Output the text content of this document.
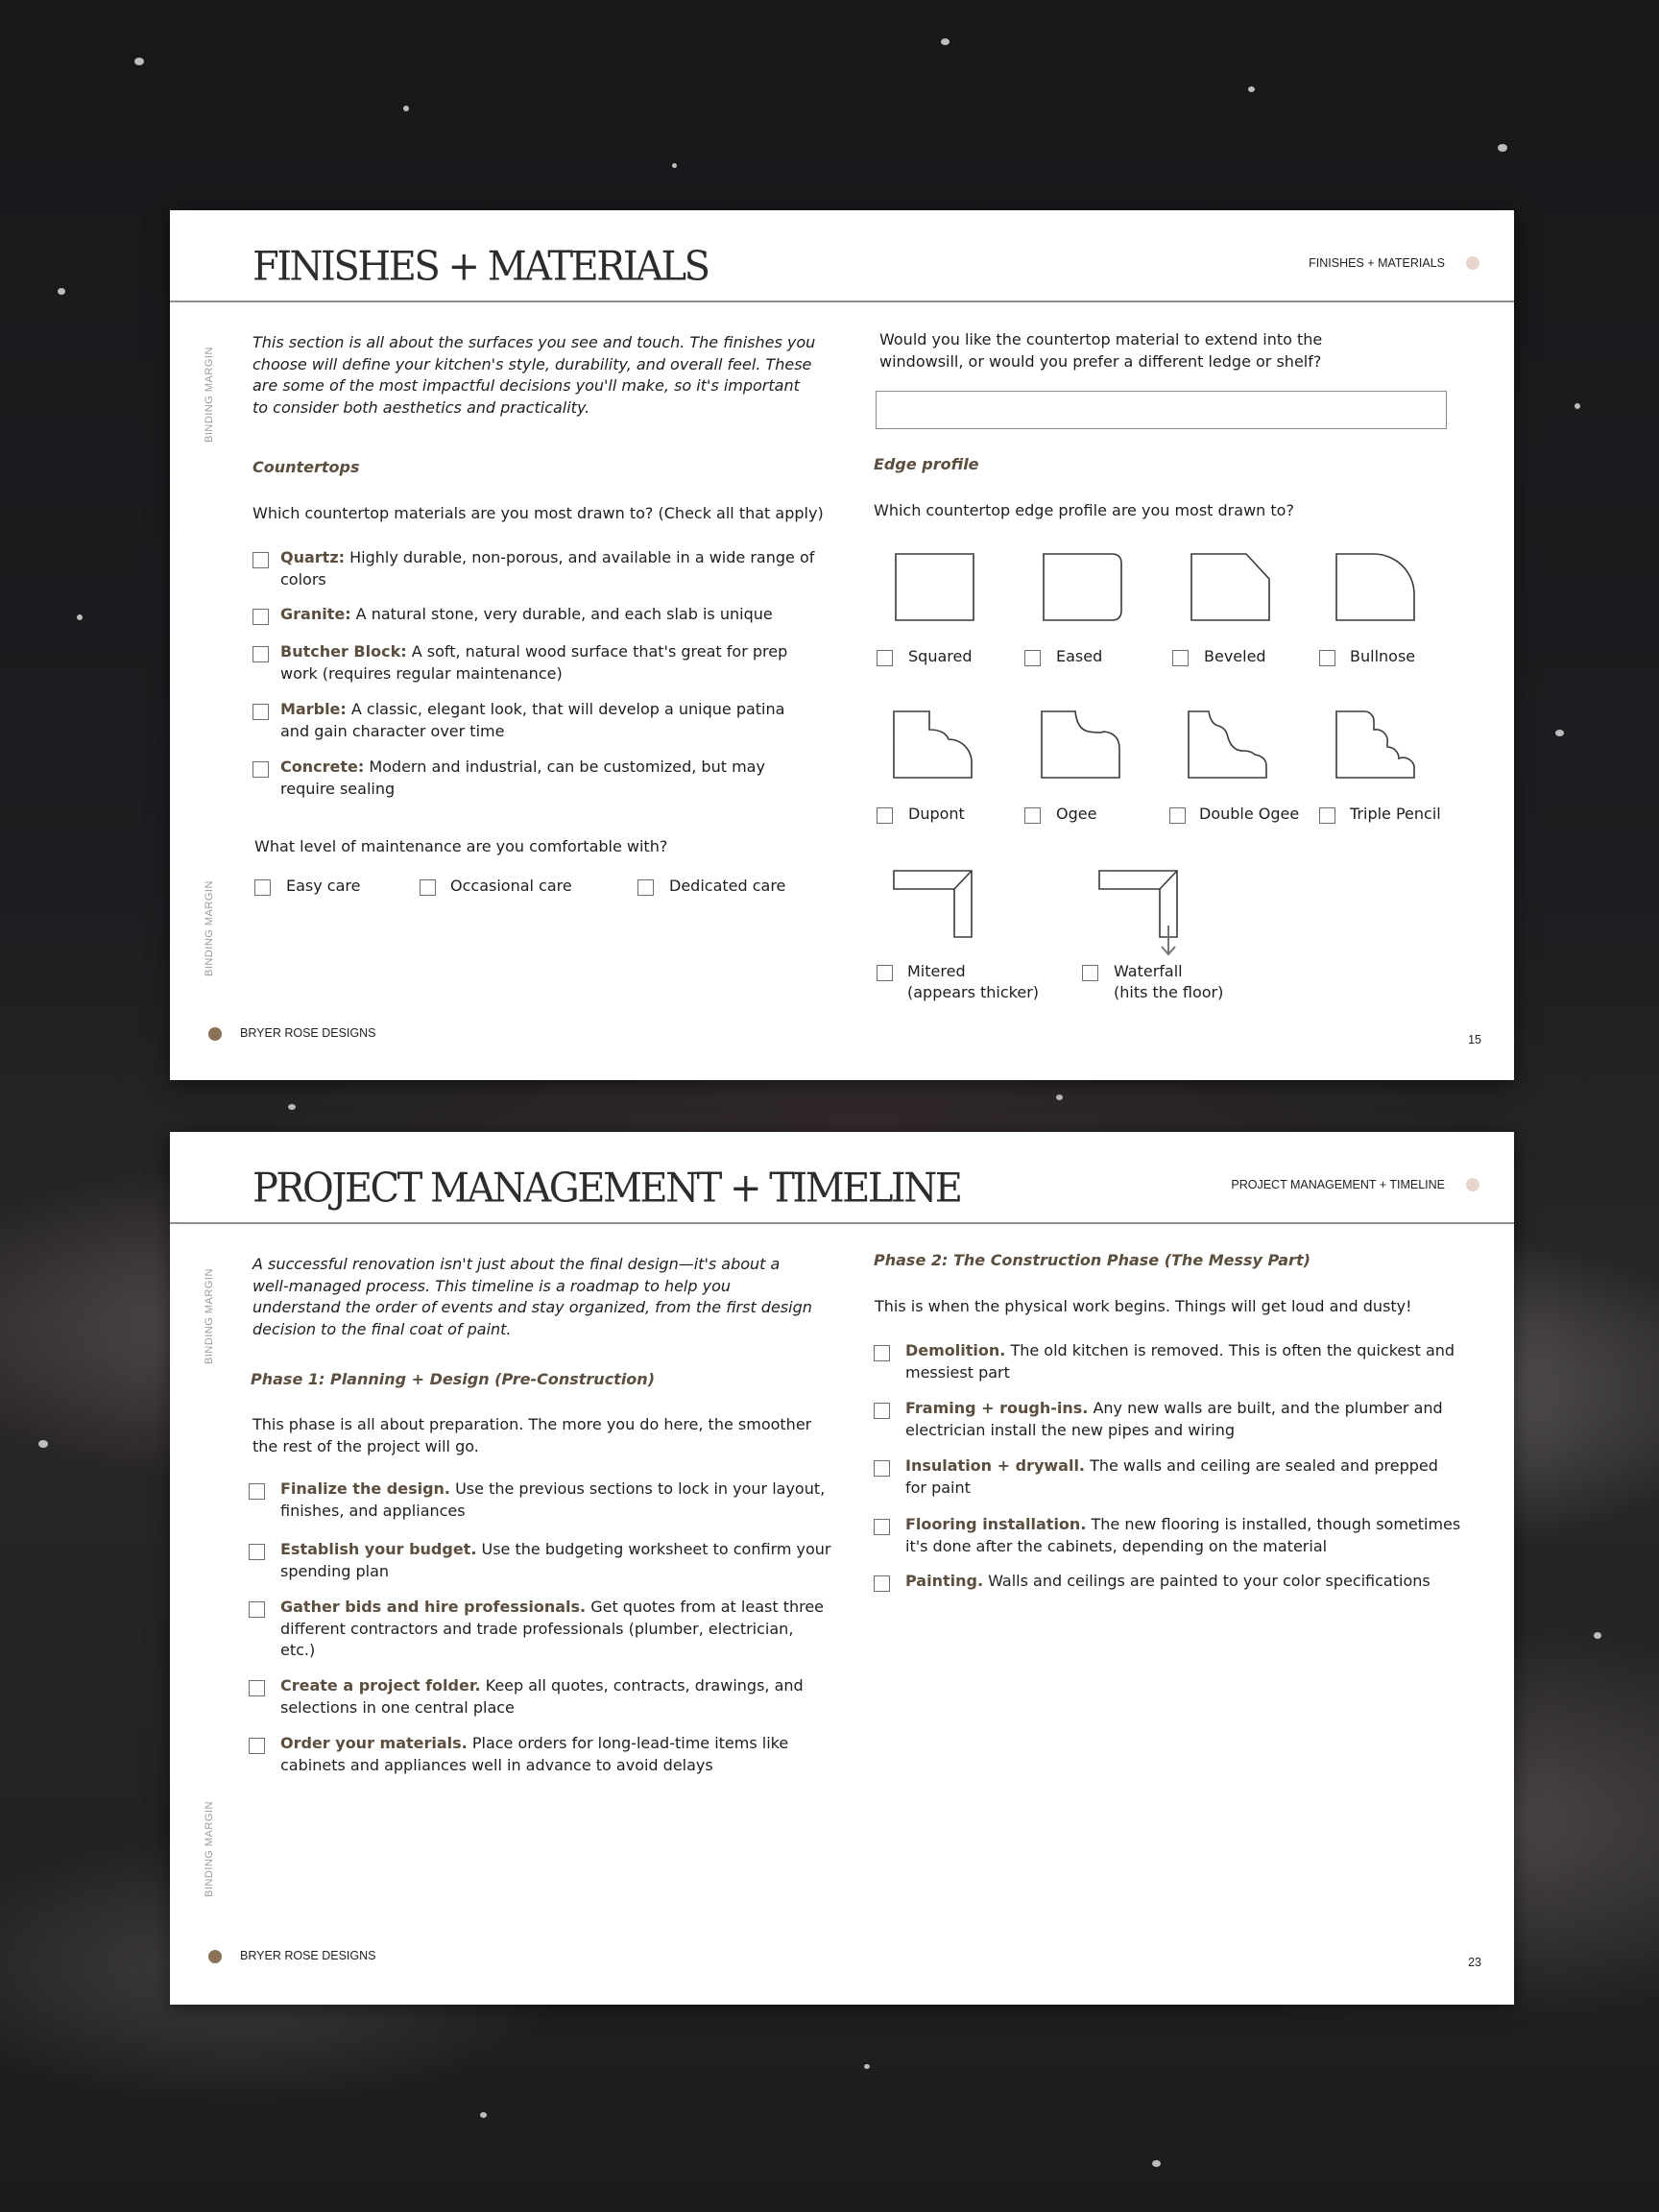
FINISHES + MATERIALS	FINISHES + MATERIALS
BINDING MARGIN
BINDING MARGIN
This section is all about the surfaces you see and touch. The finishes you choose will define your kitchen's style, durability, and overall feel. These are some of the most impactful decisions you'll make, so it's important to consider both aesthetics and practicality.
Countertops
Which countertop materials are you most drawn to? (Check all that apply)
Quartz: Highly durable, non-porous, and available in a wide range of colors
Granite: A natural stone, very durable, and each slab is unique
Butcher Block: A soft, natural wood surface that's great for prep work (requires regular maintenance)
Marble: A classic, elegant look, that will develop a unique patina and gain character over time
Concrete: Modern and industrial, can be customized, but may require sealing
What level of maintenance are you comfortable with?
Easy care	Occasional care	Dedicated care
Would you like the countertop material to extend into the windowsill, or would you prefer a different ledge or shelf?
Edge profile
Which countertop edge profile are you most drawn to?
Squared	Eased	Beveled	Bullnose
Dupont	Ogee	Double Ogee	Triple Pencil
Mitered
(appears thicker)
Waterfall
(hits the floor)
BRYER ROSE DESIGNS	15
PROJECT MANAGEMENT + TIMELINE	PROJECT MANAGEMENT + TIMELINE
BINDING MARGIN
BINDING MARGIN
A successful renovation isn't just about the final design—it's about a well-managed process. This timeline is a roadmap to help you understand the order of events and stay organized, from the first design decision to the final coat of paint.
Phase 1: Planning + Design (Pre-Construction)
This phase is all about preparation. The more you do here, the smoother the rest of the project will go.
Finalize the design. Use the previous sections to lock in your layout, finishes, and appliances
Establish your budget. Use the budgeting worksheet to confirm your spending plan
Gather bids and hire professionals. Get quotes from at least three different contractors and trade professionals (plumber, electrician, etc.)
Create a project folder. Keep all quotes, contracts, drawings, and selections in one central place
Order your materials. Place orders for long-lead-time items like cabinets and appliances well in advance to avoid delays
Phase 2: The Construction Phase (The Messy Part)
This is when the physical work begins. Things will get loud and dusty!
Demolition. The old kitchen is removed. This is often the quickest and messiest part
Framing + rough-ins. Any new walls are built, and the plumber and electrician install the new pipes and wiring
Insulation + drywall. The walls and ceiling are sealed and prepped for paint
Flooring installation. The new flooring is installed, though sometimes it's done after the cabinets, depending on the material
Painting. Walls and ceilings are painted to your color specifications
BRYER ROSE DESIGNS	23
